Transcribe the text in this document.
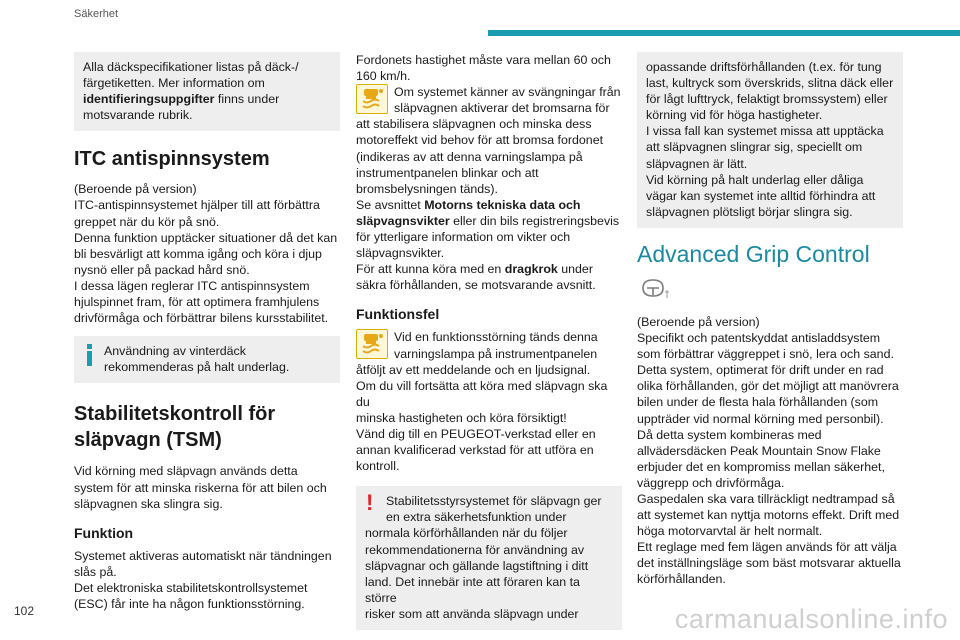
Säkerhet

Alla däckspecifikationer listas på däck-/

färgetiketten. Mer information om

identifieringsuppgifter finns under

motsvarande rubrik.

ITC antispinnsystem

(Beroende på version)

ITC-antispinnsystemet hjälper till att förbättra

greppet när du kör på snö.

Denna funktion upptäcker situationer då det kan

bli besvärligt att komma igång och köra i djup

nysnö eller på packad hård snö.

I dessa lägen reglerar ITC antispinnsystem

hjulspinnet fram, för att optimera framhjulens

drivförmåga och förbättrar bilens kursstabilitet.

Användning av vinterdäck

rekommenderas på halt underlag.

Stabilitetskontroll för
släpvagn (TSM)

Vid körning med släpvagn används detta

system för att minska riskerna för att bilen och

släpvagnen ska slingra sig.

Funktion

Systemet aktiveras automatiskt när tändningen

slås på.

Det elektroniska stabilitetskontrollsystemet

(ESC) får inte ha någon funktionsstörning.

Fordonets hastighet måste vara mellan 60 och

160 km/h.

Om systemet känner av svängningar från

släpvagnen aktiverar det bromsarna för

att stabilisera släpvagnen och minska dess

motoreffekt vid behov för att bromsa fordonet

(indikeras av att denna varningslampa på

instrumentpanelen blinkar och att

bromsbelysningen tänds).

Se avsnittet Motorns tekniska data och

släpvagnsvikter eller din bils registreringsbevis

för ytterligare information om vikter och

släpvagnsvikter.

För att kunna köra med en dragkrok under

säkra förhållanden, se motsvarande avsnitt.

Funktionsfel

Vid en funktionsstörning tänds denna

varningslampa på instrumentpanelen

åtföljt av ett meddelande och en ljudsignal.

Om du vill fortsätta att köra med släpvagn ska du

minska hastigheten och köra försiktigt!

Vänd dig till en PEUGEOT-verkstad eller en

annan kvalificerad verkstad för att utföra en

kontroll.

! Stabilitetsstyrsystemet för släpvagn ger

en extra säkerhetsfunktion under

normala körförhållanden när du följer

rekommendationerna för användning av

släpvagnar och gällande lagstiftning i ditt

land. Det innebär inte att föraren kan ta större

risker som att använda släpvagn under

opassande driftsförhållanden (t.ex. för tung

last, kultryck som överskrids, slitna däck eller

för lågt lufttryck, felaktigt bromssystem) eller

körning vid för höga hastigheter.

I vissa fall kan systemet missa att upptäcka

att släpvagnen slingrar sig, speciellt om

släpvagnen är lätt.

Vid körning på halt underlag eller dåliga

vägar kan systemet inte alltid förhindra att

släpvagnen plötsligt börjar slingra sig.

Advanced Grip Control

(Beroende på version)

Specifikt och patentskyddat antisladdsystem

som förbättrar väggreppet i snö, lera och sand.

Detta system, optimerat för drift under en rad

olika förhållanden, gör det möjligt att manövrera

bilen under de flesta hala förhållanden (som

uppträder vid normal körning med personbil).

Då detta system kombineras med

allvädersdäcken Peak Mountain Snow Flake

erbjuder det en kompromiss mellan säkerhet,

väggrepp och drivförmåga.

Gaspedalen ska vara tillräckligt nedtrampad så

att systemet kan nyttja motorns effekt. Drift med

höga motorvarvtal är helt normalt.

Ett reglage med fem lägen används för att välja

det inställningsläge som bäst motsvarar aktuella

körförhållanden.

102	carmanualsonline.info
